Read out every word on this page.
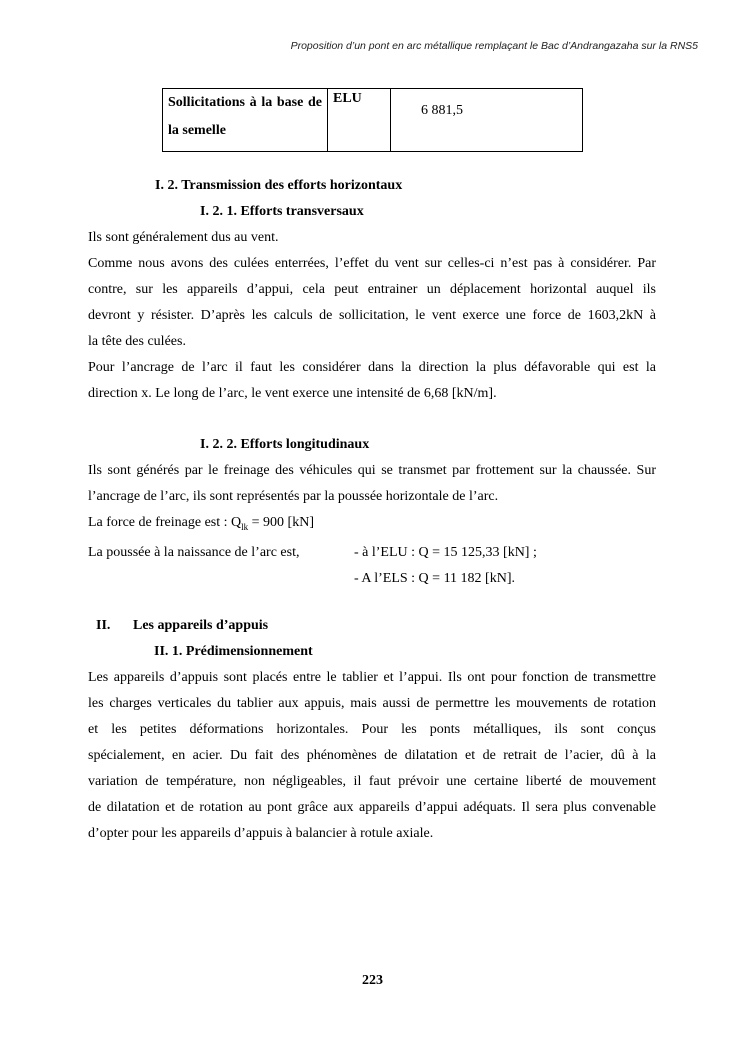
Proposition d’un pont en arc métallique remplaçant le Bac d’Andrangazaha sur la RNS5
Sollicitations à la base de la semelle	ELU	6 881,5
I. 2. Transmission des efforts horizontaux
I. 2. 1. Efforts transversaux
Ils sont généralement dus au vent.
Comme nous avons des culées enterrées, l’effet du vent sur celles-ci n’est pas à considérer. Par
contre, sur les appareils d’appui, cela peut entrainer un déplacement horizontal auquel ils
devront y résister. D’après les calculs de sollicitation, le vent exerce une force de 1603,2kN à
la tête des culées.
Pour l’ancrage de l’arc il faut les considérer dans la direction la plus défavorable qui est la
direction x. Le long de l’arc, le vent exerce une intensité de 6,68 [kN/m].
I. 2. 2. Efforts longitudinaux
Ils sont générés par le freinage des véhicules qui se transmet par frottement sur la chaussée. Sur
l’ancrage de l’arc, ils sont représentés par la poussée horizontale de l’arc.
La force de freinage est : $Q_{lk} = 900$ [kN]
La poussée à la naissance de l’arc est,	- à l’ELU : Q = 15 125,33 [kN] ;
- A l’ELS : Q = 11 182 [kN].
II. Les appareils d’appuis
II. 1. Prédimensionnement
Les appareils d’appuis sont placés entre le tablier et l’appui. Ils ont pour fonction de transmettre
les charges verticales du tablier aux appuis, mais aussi de permettre les mouvements de rotation
et les petites déformations horizontales. Pour les ponts métalliques, ils sont conçus
spécialement, en acier. Du fait des phénomènes de dilatation et de retrait de l’acier, dû à la
variation de température, non négligeables, il faut prévoir une certaine liberté de mouvement
de dilatation et de rotation au pont grâce aux appareils d’appui adéquats. Il sera plus convenable
d’opter pour les appareils d’appuis à balancier à rotule axiale.
223
